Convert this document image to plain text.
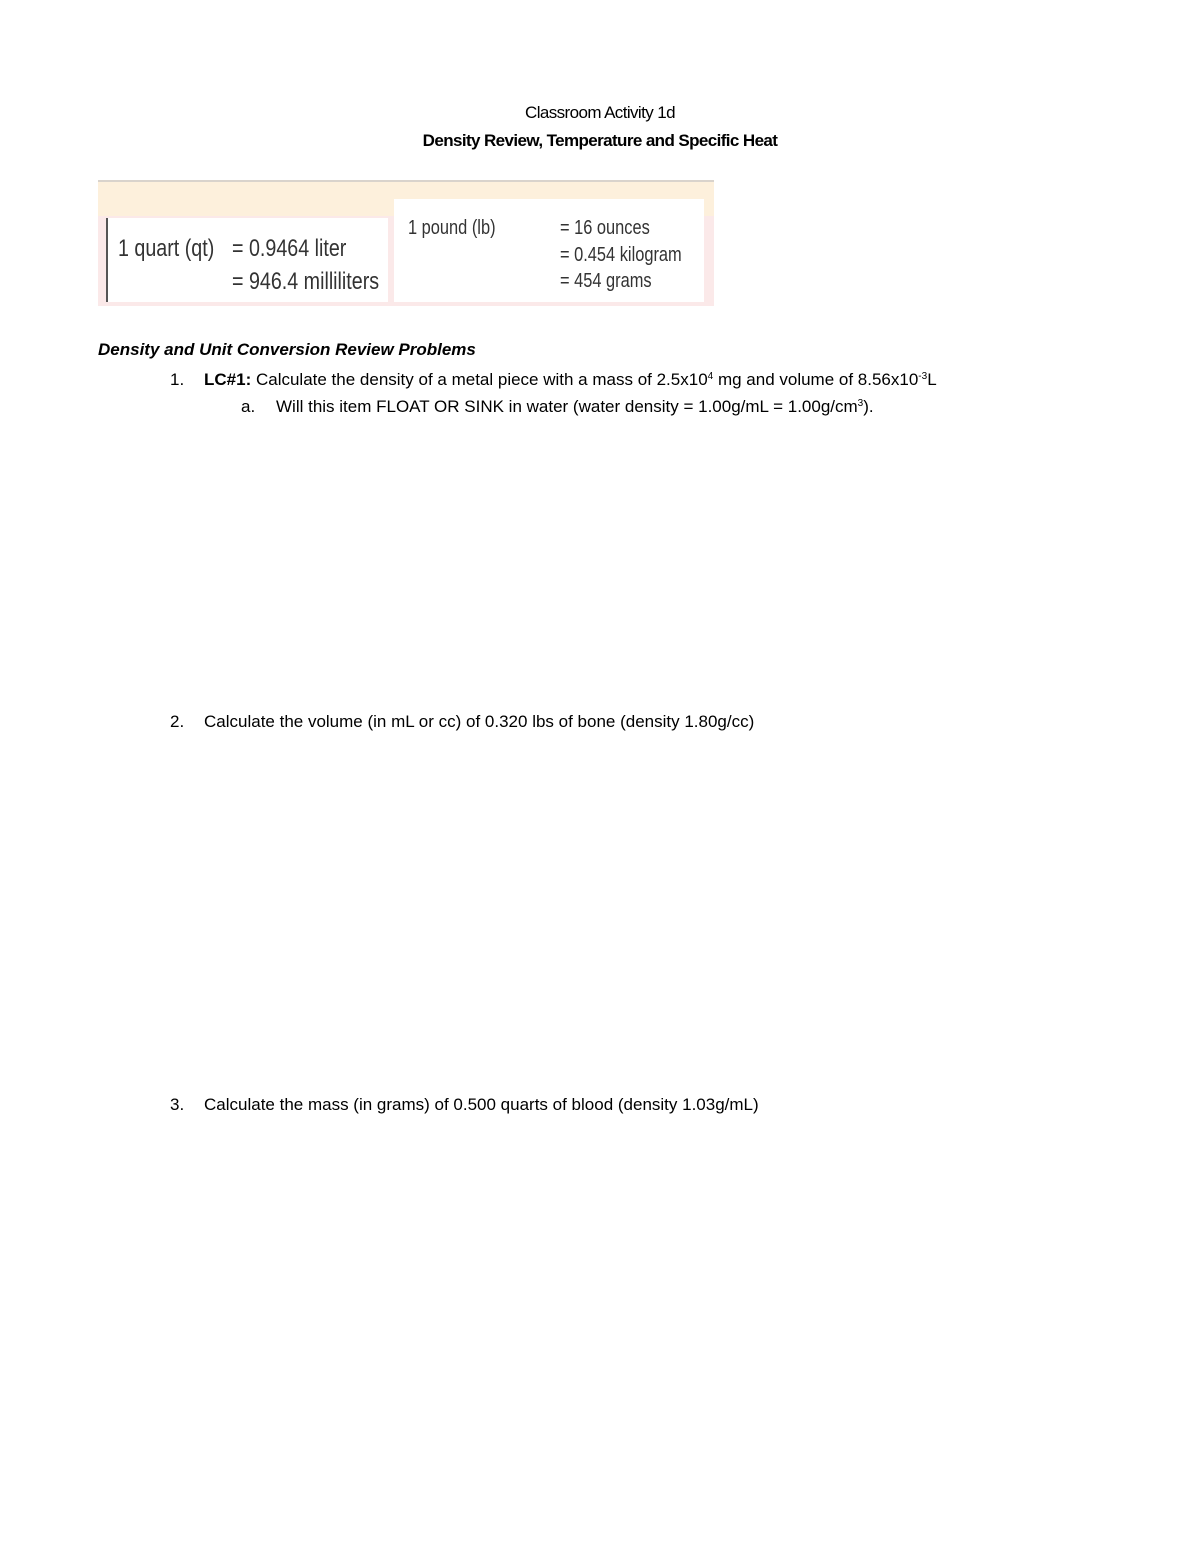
Classroom Activity 1d
Density Review, Temperature and Specific Heat
1 quart (qt) = 0.9464 liter
= 946.4 milliliters
1 pound (lb)	= 16 ounces
= 0.454 kilogram
= 454 grams
Density and Unit Conversion Review Problems
1. LC#1: Calculate the density of a metal piece with a mass of $2.5x10^4$ mg and volume of $8.56x10^{-3}L$
a. Will this item FLOAT OR SINK in water (water density = $1.00g/mL = 1.00g/cm^3$).
2. Calculate the volume (in mL or cc) of 0.320 lbs of bone (density 1.80g/cc)
3. Calculate the mass (in grams) of 0.500 quarts of blood (density 1.03g/mL)
